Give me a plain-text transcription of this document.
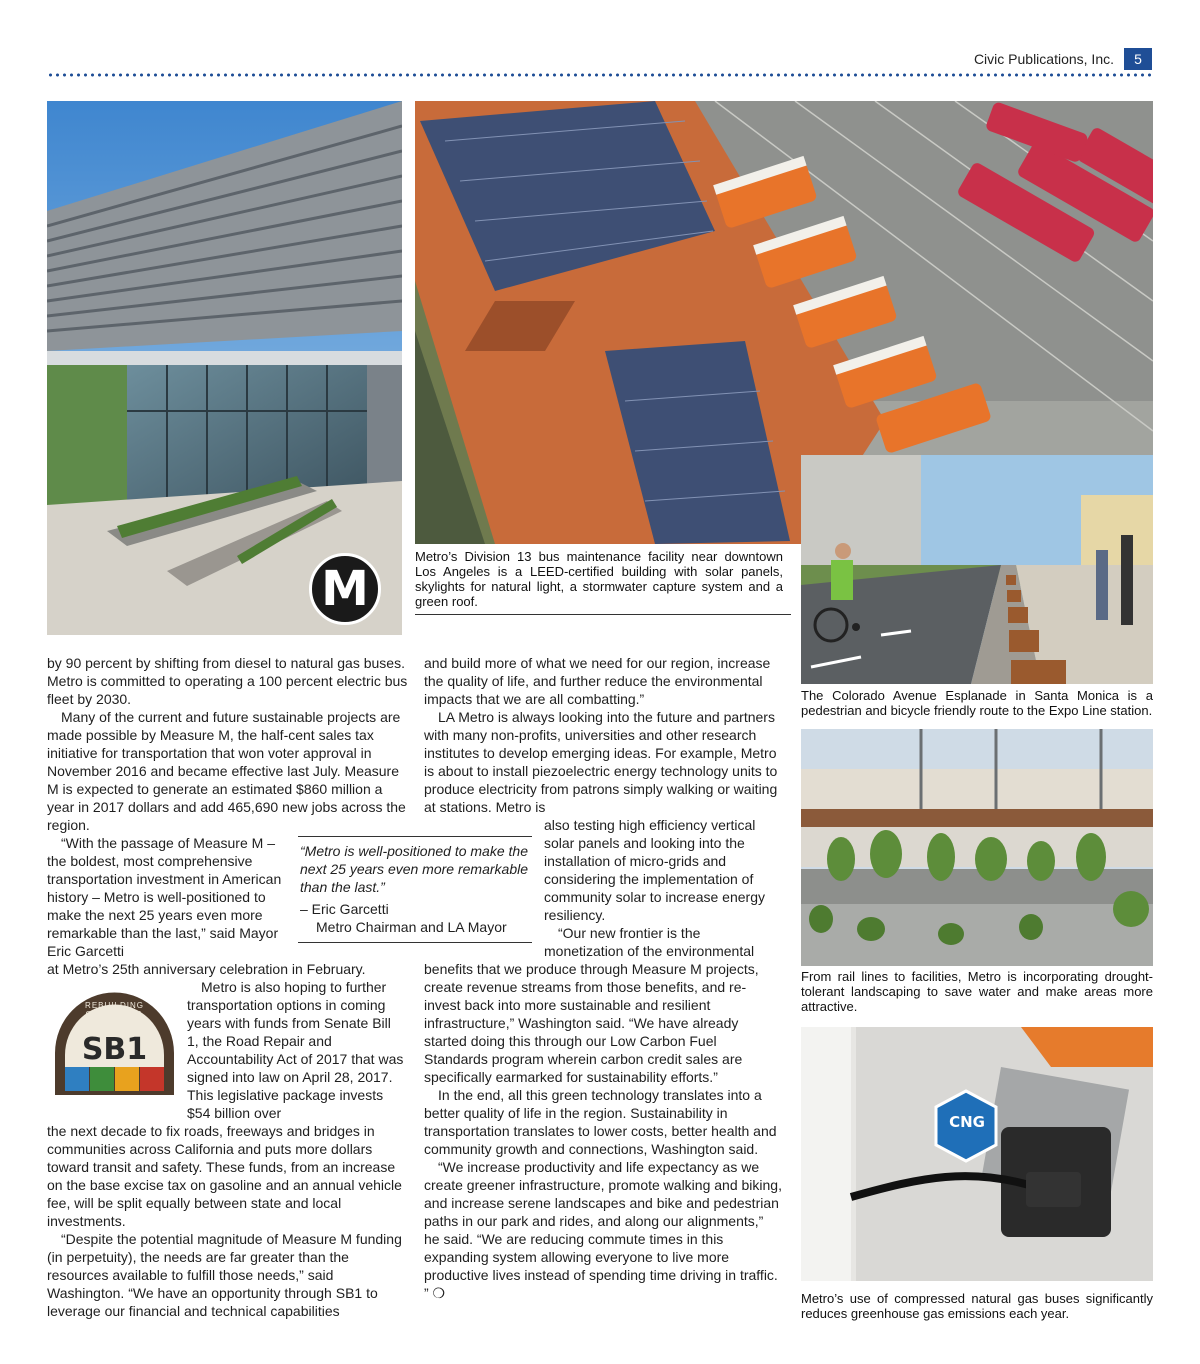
Civic Publications, Inc.	5
M
Metro’s Division 13 bus maintenance facility near downtown Los Angeles is a LEED-certified building with solar panels, skylights for natural light, a stormwater capture system and a green roof.
The Colorado Avenue Esplanade in Santa Monica is a pedestrian and bicycle friendly route to the Expo Line station.
From rail lines to facilities, Metro is incorporating drought-tolerant landscaping to save water and make areas more attractive.
CNG
Metro’s use of compressed natural gas buses significantly reduces greenhouse gas emissions each year.
REBUILDING CALIFORNIA
SB1
“Metro is well-positioned to make the next 25 years even more remarkable than the last.”
– Eric Garcetti
Metro Chairman and LA Mayor

by 90 percent by shifting from diesel to natural gas buses. Metro is committed to operating a 100 percent electric bus fleet by 2030.

Many of the current and future sustainable projects are made possible by Measure M, the half-cent sales tax initiative for transportation that won voter approval in November 2016 and became effective last July. Measure M is expected to generate an estimated $860 million a year in 2017 dollars and add 465,690 new jobs across the region.

“With the passage of Measure M – the boldest, most comprehensive transportation investment in American history – Metro is well-positioned to make the next 25 years even more remarkable than the last,” said Mayor Eric Garcetti

at Metro’s 25th anniversary celebration in February.

Metro is also hoping to further transportation options in coming years with funds from Senate Bill 1, the Road Repair and Accountability Act of 2017 that was signed into law on April 28, 2017. This legislative package invests $54 billion over

the next decade to fix roads, freeways and bridges in communities across California and puts more dollars toward transit and safety. These funds, from an increase on the base excise tax on gasoline and an annual vehicle fee, will be split equally between state and local investments.

“Despite the potential magnitude of Measure M funding (in perpetuity), the needs are far greater than the resources available to fulfill those needs,” said Washington. “We have an opportunity through SB1 to leverage our financial and technical capabilities

and build more of what we need for our region, increase the quality of life, and further reduce the environmental impacts that we are all combatting.”

LA Metro is always looking into the future and partners with many non-profits, universities and other research institutes to develop emerging ideas. For example, Metro is about to install piezoelectric energy technology units to produce electricity from patrons simply walking or waiting at stations. Metro is

also testing high efficiency vertical solar panels and looking into the installation of micro-grids and considering the implementation of community solar to increase energy resiliency.

“Our new frontier is the monetization of the environmental

benefits that we produce through Measure M projects, create revenue streams from those benefits, and re-invest back into more sustainable and resilient infrastructure,” Washington said. “We have already started doing this through our Low Carbon Fuel Standards program wherein carbon credit sales are specifically earmarked for sustainability efforts.”

In the end, all this green technology translates into a better quality of life in the region. Sustainability in transportation translates to lower costs, better health and community growth and connections, Washington said.

“We increase productivity and life expectancy as we create greener infrastructure, promote walking and biking, and increase serene landscapes and bike and pedestrian paths in our park and rides, and along our alignments,” he said. “We are reducing commute times in this expanding system allowing everyone to live more productive lives instead of spending time driving in traffic. ” ❍
